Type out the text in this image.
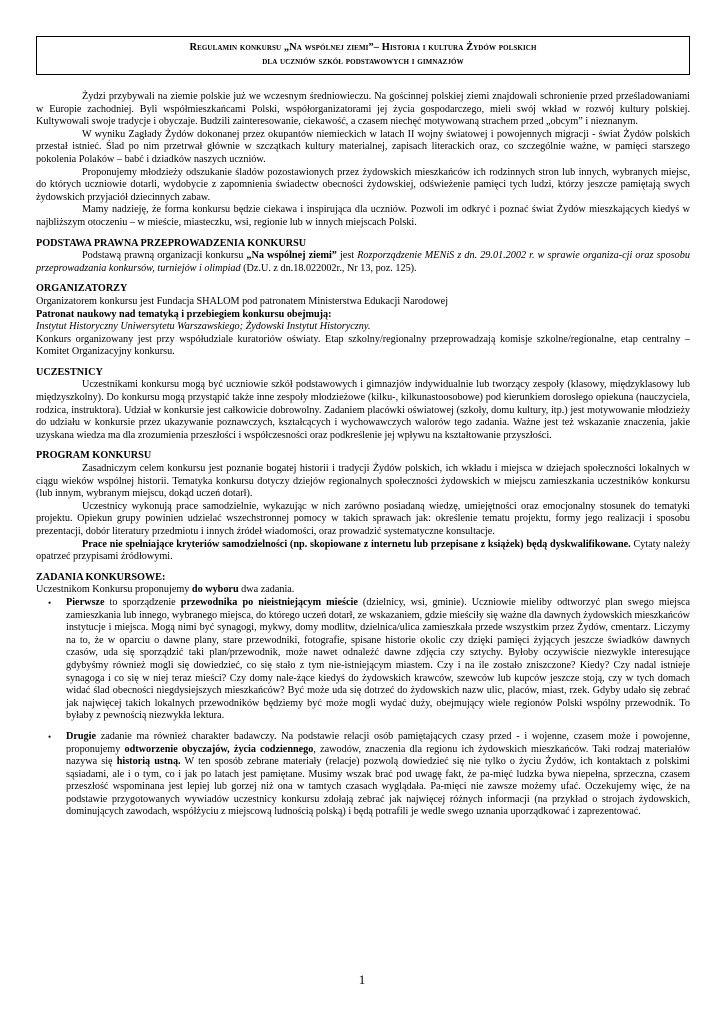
Regulamin konkursu „Na wspólnej ziemi”– Historia i kultura Żydów polskich
dla uczniów szkół podstawowych i gimnazjów

Żydzi przybywali na ziemie polskie już we wczesnym średniowieczu. Na gościnnej polskiej ziemi znajdowali schronienie przed prześladowaniami w Europie zachodniej. Byli współmieszkańcami Polski, współorganizatorami jej życia gospodarczego, mieli swój wkład w rozwój kultury polskiej. Kultywowali swoje tradycje i obyczaje. Budzili zainteresowanie, ciekawość, a czasem niechęć motywowaną strachem przed „obcym” i nieznanym.

W wyniku Zagłady Żydów dokonanej przez okupantów niemieckich w latach II wojny światowej i powojennych migracji - świat Żydów polskich przestał istnieć. Ślad po nim przetrwał głównie w szczątkach kultury materialnej, zapisach literackich oraz, co szczególnie ważne, w pamięci starszego pokolenia Polaków – babć i dziadków naszych uczniów.

Proponujemy młodzieży odszukanie śladów pozostawionych przez żydowskich mieszkańców ich rodzinnych stron lub innych, wybranych miejsc, do których uczniowie dotarli, wydobycie z zapomnienia świadectw obecności żydowskiej, odświeżenie pamięci tych ludzi, którzy jeszcze pamiętają swych żydowskich przyjaciół dziecinnych zabaw.

Mamy nadzieję, że forma konkursu będzie ciekawa i inspirująca dla uczniów. Pozwoli im odkryć i poznać świat Żydów mieszkających kiedyś w najbliższym otoczeniu – w mieście, miasteczku, wsi, regionie lub w innych miejscach Polski.

PODSTAWA PRAWNA PRZEPROWADZENIA KONKURSU

Podstawą prawną organizacji konkursu „Na wspólnej ziemi” jest Rozporządzenie MENiS z dn. 29.01.2002 r. w sprawie organiza-cji oraz sposobu przeprowadzania konkursów, turniejów i olimpiad (Dz.U. z dn.18.022002r., Nr 13, poz. 125).

ORGANIZATORZY

Organizatorem konkursu jest Fundacja SHALOM pod patronatem Ministerstwa Edukacji Narodowej

Patronat naukowy nad tematyką i przebiegiem konkursu obejmują:

Instytut Historyczny Uniwersytetu Warszawskiego; Żydowski Instytut Historyczny.

Konkurs organizowany jest przy współudziale kuratoriów oświaty. Etap szkolny/regionalny przeprowadzają komisje szkolne/regionalne, etap centralny – Komitet Organizacyjny konkursu.

UCZESTNICY

Uczestnikami konkursu mogą być uczniowie szkół podstawowych i gimnazjów indywidualnie lub tworzący zespoły (klasowy, międzyklasowy lub międzyszkolny). Do konkursu mogą przystąpić także inne zespoły młodzieżowe (kilku-, kilkunastoosobowe) pod kierunkiem dorosłego opiekuna (nauczyciela, rodzica, instruktora). Udział w konkursie jest całkowicie dobrowolny. Zadaniem placówki oświatowej (szkoły, domu kultury, itp.) jest motywowanie młodzieży do udziału w konkursie przez ukazywanie poznawczych, kształcących i wychowawczych walorów tego zadania. Ważne jest też wskazanie znaczenia, jakie uzyskana wiedza ma dla zrozumienia przeszłości i współczesności oraz podkreślenie jej wpływu na kształtowanie przyszłości.

PROGRAM KONKURSU

Zasadniczym celem konkursu jest poznanie bogatej historii i tradycji Żydów polskich, ich wkładu i miejsca w dziejach społeczności lokalnych w ciągu wieków wspólnej historii. Tematyka konkursu dotyczy dziejów regionalnych społeczności żydowskich w miejscu zamieszkania uczestników konkursu (lub innym, wybranym miejscu, dokąd uczeń dotarł).

Uczestnicy wykonują prace samodzielnie, wykazując w nich zarówno posiadaną wiedzę, umiejętności oraz emocjonalny stosunek do tematyki projektu. Opiekun grupy powinien udzielać wszechstronnej pomocy w takich sprawach jak: określenie tematu projektu, formy jego realizacji i sposobu prezentacji, dobór literatury przedmiotu i innych źródeł wiadomości, oraz prowadzić systematyczne konsultacje.

Prace nie spełniające kryteriów samodzielności (np. skopiowane z internetu lub przepisane z książek) będą dyskwalifikowane. Cytaty należy opatrzeć przypisami źródłowymi.

ZADANIA KONKURSOWE:

Uczestnikom Konkursu proponujemy do wyboru dwa zadania.

• Pierwsze to sporządzenie przewodnika po nieistniejącym mieście (dzielnicy, wsi, gminie). Uczniowie mieliby odtworzyć plan swego miejsca zamieszkania lub innego, wybranego miejsca, do którego uczeń dotarł, ze wskazaniem, gdzie mieściły się ważne dla dawnych żydowskich mieszkańców instytucje i miejsca. Mogą nimi być synagogi, mykwy, domy modlitw, dzielnica/ulica zamieszkała przede wszystkim przez Żydów, cmentarz. Liczymy na to, że w oparciu o dawne plany, stare przewodniki, fotografie, spisane historie okolic czy dzięki pamięci żyjących jeszcze świadków dawnych czasów, uda się sporządzić taki plan/przewodnik, może nawet odnaleźć dawne zdjęcia czy sztychy. Byłoby oczywiście niezwykle interesujące gdybyśmy również mogli się dowiedzieć, co się stało z tym nie-istniejącym miastem. Czy i na ile zostało zniszczone? Kiedy? Czy nadal istnieje synagoga i co się w niej teraz mieści? Czy domy nale-żące kiedyś do żydowskich krawców, szewców lub kupców jeszcze stoją, czy w tych domach widać ślad obecności niegdysiejszych mieszkańców? Być może uda się dotrzeć do żydowskich nazw ulic, placów, miast, rzek. Gdyby udało się zebrać jak najwięcej takich lokalnych przewodników będziemy być może mogli wydać duży, obejmujący wiele regionów Polski wspólny przewodnik. To byłaby z pewnością niezwykła lektura.
• Drugie zadanie ma również charakter badawczy. Na podstawie relacji osób pamiętających czasy przed - i wojenne, czasem może i powojenne, proponujemy odtworzenie obyczajów, życia codziennego, zawodów, znaczenia dla regionu ich żydowskich mieszkańców. Taki rodzaj materiałów nazywa się historią ustną. W ten sposób zebrane materiały (relacje) pozwolą dowiedzieć się nie tylko o życiu Żydów, ich kontaktach z polskimi sąsiadami, ale i o tym, co i jak po latach jest pamiętane. Musimy wszak brać pod uwagę fakt, że pa-mięć ludzka bywa niepełna, sprzeczna, czasem przeszłość wspominana jest lepiej lub gorzej niż ona w tamtych czasach wyglądała. Pa-mięci nie zawsze możemy ufać. Oczekujemy więc, że na podstawie przygotowanych wywiadów uczestnicy konkursu zdołają zebrać jak najwięcej różnych informacji (na przykład o strojach żydowskich, dominujących zawodach, współżyciu z miejscową ludnością polską) i będą potrafili je wedle swego uznania uporządkować i zaprezentować.
1
